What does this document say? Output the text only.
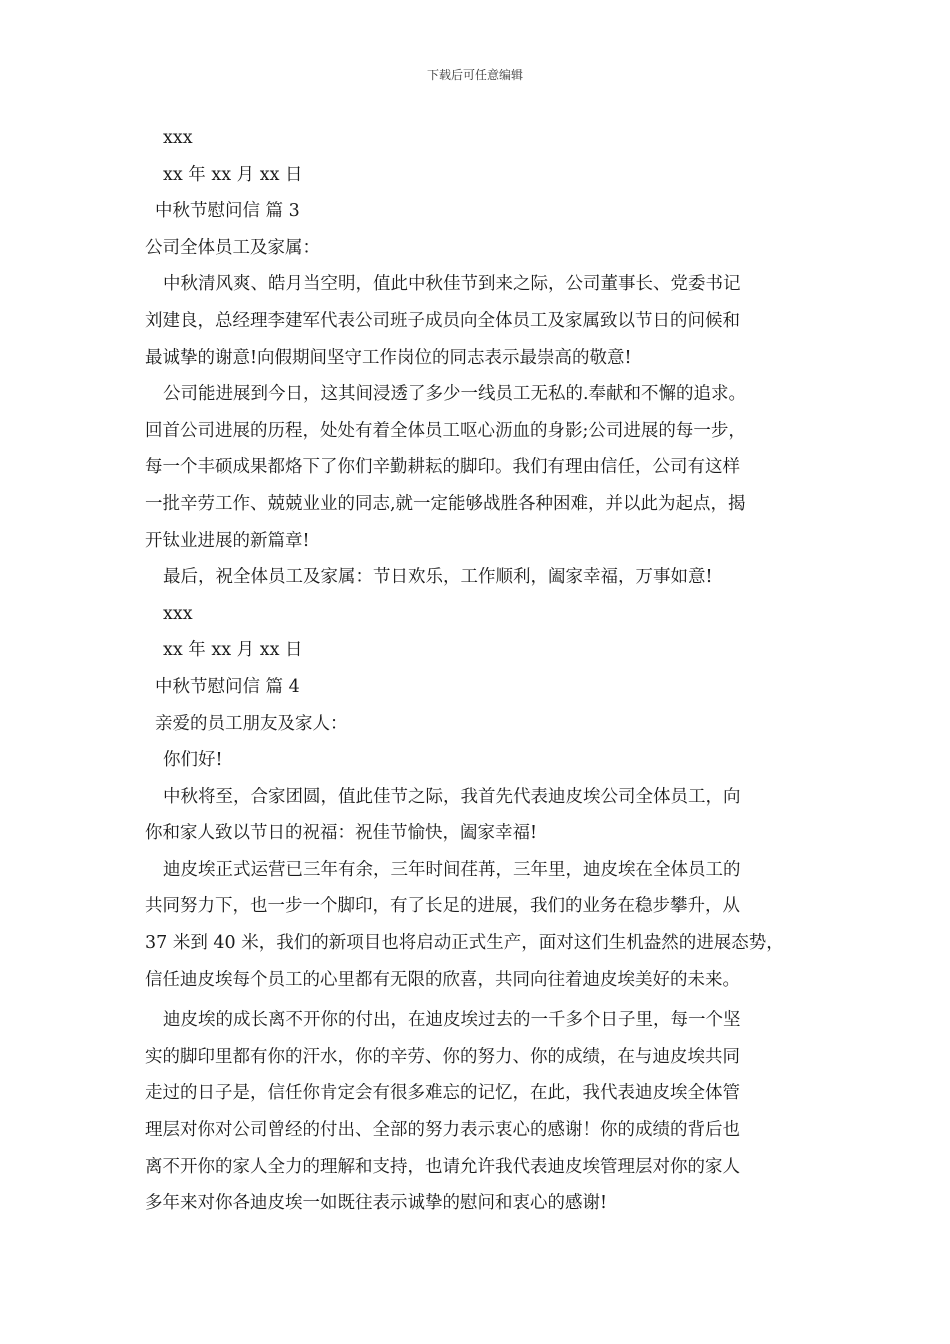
下载后可任意编辑
xxx
xx 年 xx 月 xx 日
中秋节慰问信 篇 3
公司全体员工及家属：
中秋清风爽、皓月当空明，值此中秋佳节到来之际，公司董事长、党委书记
刘建良，总经理李建军代表公司班子成员向全体员工及家属致以节日的问候和
最诚挚的谢意!向假期间坚守工作岗位的同志表示最崇高的敬意!
公司能进展到今日，这其间浸透了多少一线员工无私的.奉献和不懈的追求。
回首公司进展的历程，处处有着全体员工呕心沥血的身影;公司进展的每一步，
每一个丰硕成果都烙下了你们辛勤耕耘的脚印。我们有理由信任，公司有这样
一批辛劳工作、兢兢业业的同志,就一定能够战胜各种困难，并以此为起点，揭
开钛业进展的新篇章!
最后，祝全体员工及家属：节日欢乐，工作顺利，阖家幸福，万事如意!
xxx
xx 年 xx 月 xx 日
中秋节慰问信 篇 4
亲爱的员工朋友及家人：
你们好!
中秋将至，合家团圆，值此佳节之际，我首先代表迪皮埃公司全体员工，向
你和家人致以节日的祝福：祝佳节愉快，阖家幸福!
迪皮埃正式运营已三年有余，三年时间荏苒，三年里，迪皮埃在全体员工的
共同努力下，也一步一个脚印，有了长足的进展，我们的业务在稳步攀升，从
37 米到 40 米，我们的新项目也将启动正式生产，面对这们生机盎然的进展态势，
信任迪皮埃每个员工的心里都有无限的欣喜，共同向往着迪皮埃美好的未来。
迪皮埃的成长离不开你的付出，在迪皮埃过去的一千多个日子里，每一个坚
实的脚印里都有你的汗水，你的辛劳、你的努力、你的成绩，在与迪皮埃共同
走过的日子是，信任你肯定会有很多难忘的记忆，在此，我代表迪皮埃全体管
理层对你对公司曾经的付出、全部的努力表示衷心的感谢！你的成绩的背后也
离不开你的家人全力的理解和支持，也请允许我代表迪皮埃管理层对你的家人
多年来对你各迪皮埃一如既往表示诚挚的慰问和衷心的感谢!
